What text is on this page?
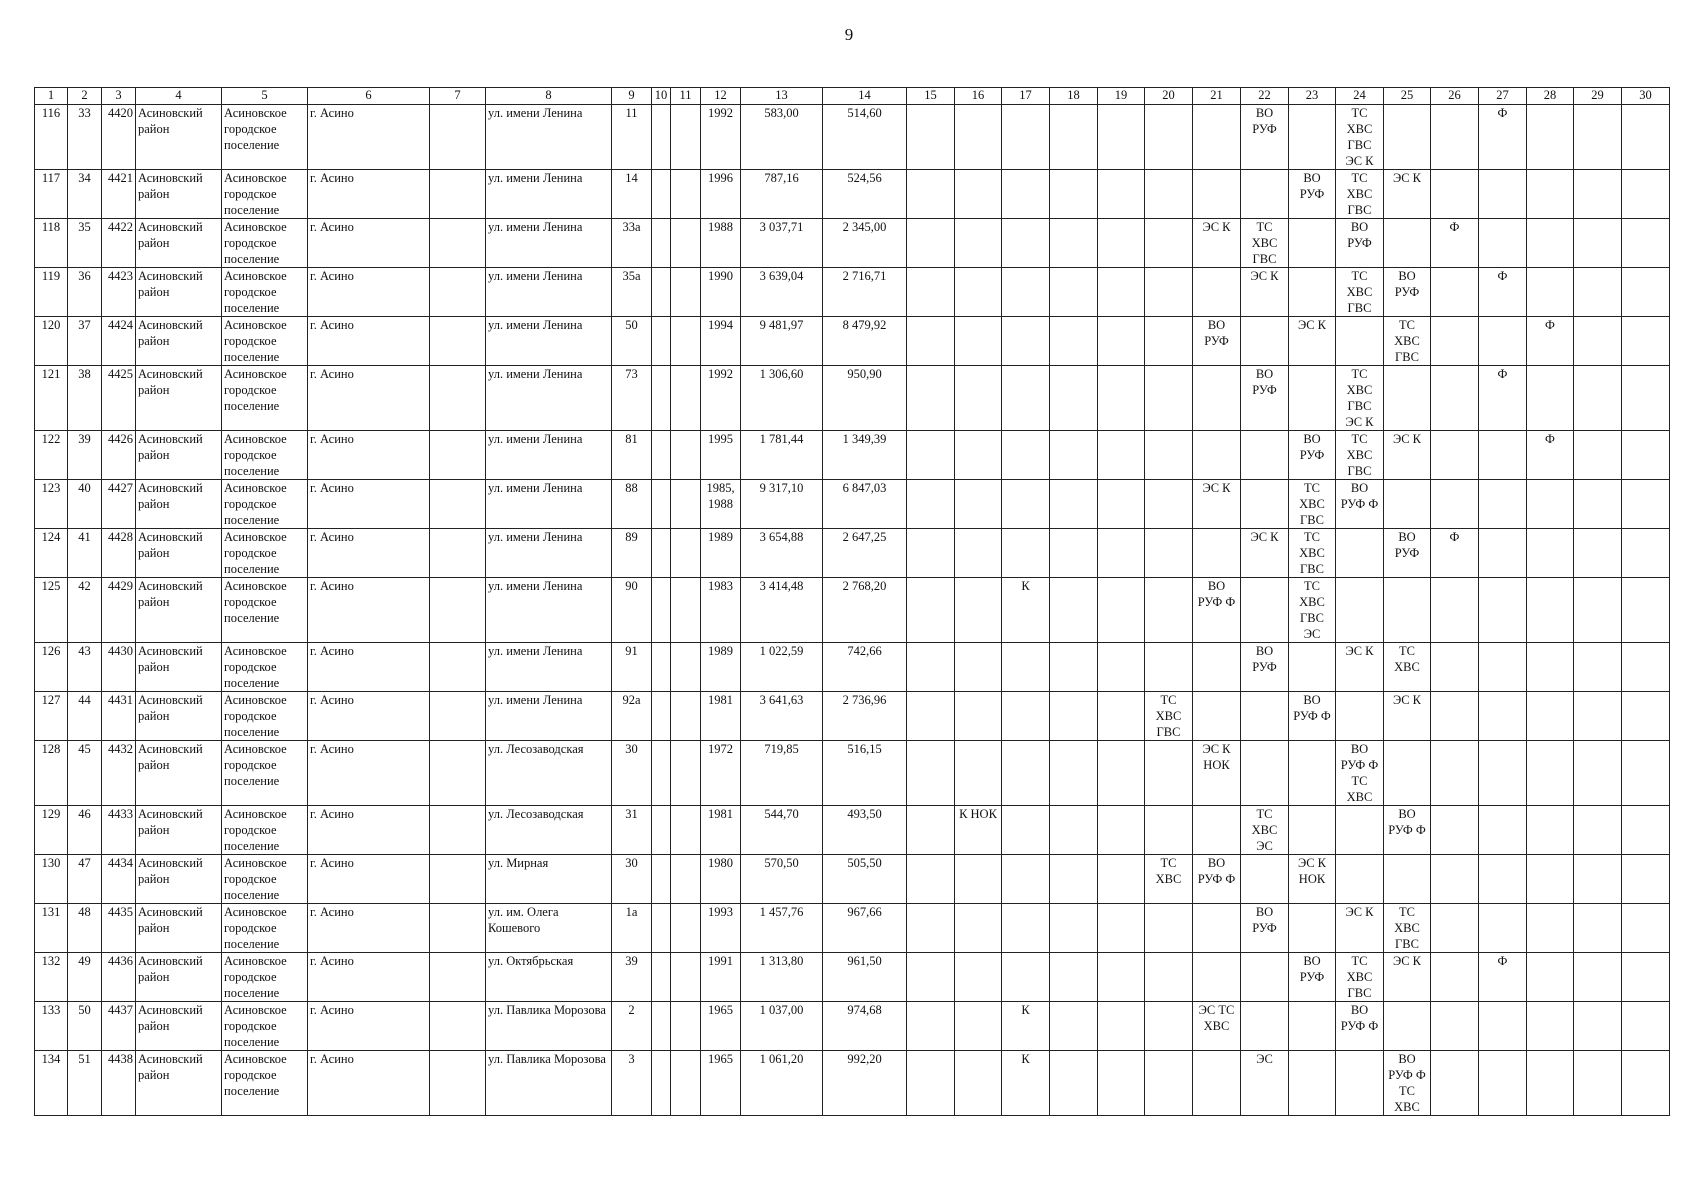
9
1	2	3	4	5	6	7	8	9	10	11	12	13	14	15	16	17	18	19	20	21	22	23	24	25	26	27	28	29	30
116	33	4420	Асиновский район	Асиновское городское поселение	г. Асино		ул. имени Ленина	11			1992	583,00	514,60								ВО
РУФ		ТС
ХВС
ГВС
ЭС К			Ф			
117	34	4421	Асиновский район	Асиновское городское поселение	г. Асино		ул. имени Ленина	14			1996	787,16	524,56									ВО
РУФ	ТС
ХВС
ГВС	ЭС К					
118	35	4422	Асиновский район	Асиновское городское поселение	г. Асино		ул. имени Ленина	33а			1988	3 037,71	2 345,00							ЭС К	ТС
ХВС
ГВС		ВО
РУФ		Ф				
119	36	4423	Асиновский район	Асиновское городское поселение	г. Асино		ул. имени Ленина	35а			1990	3 639,04	2 716,71								ЭС К		ТС
ХВС
ГВС	ВО
РУФ		Ф			
120	37	4424	Асиновский район	Асиновское городское поселение	г. Асино		ул. имени Ленина	50			1994	9 481,97	8 479,92							ВО
РУФ		ЭС К		ТС
ХВС
ГВС			Ф		
121	38	4425	Асиновский район	Асиновское городское поселение	г. Асино		ул. имени Ленина	73			1992	1 306,60	950,90								ВО
РУФ		ТС
ХВС
ГВС
ЭС К			Ф			
122	39	4426	Асиновский район	Асиновское городское поселение	г. Асино		ул. имени Ленина	81			1995	1 781,44	1 349,39									ВО
РУФ	ТС
ХВС
ГВС	ЭС К			Ф		
123	40	4427	Асиновский район	Асиновское городское поселение	г. Асино		ул. имени Ленина	88			1985,
1988	9 317,10	6 847,03							ЭС К		ТС
ХВС
ГВС	ВО
РУФ Ф						
124	41	4428	Асиновский район	Асиновское городское поселение	г. Асино		ул. имени Ленина	89			1989	3 654,88	2 647,25								ЭС К	ТС
ХВС
ГВС		ВО
РУФ	Ф				
125	42	4429	Асиновский район	Асиновское городское поселение	г. Асино		ул. имени Ленина	90			1983	3 414,48	2 768,20			К				ВО
РУФ Ф		ТС
ХВС
ГВС
ЭС							
126	43	4430	Асиновский район	Асиновское городское поселение	г. Асино		ул. имени Ленина	91			1989	1 022,59	742,66								ВО
РУФ		ЭС К	ТС
ХВС					
127	44	4431	Асиновский район	Асиновское городское поселение	г. Асино		ул. имени Ленина	92а			1981	3 641,63	2 736,96						ТС
ХВС
ГВС			ВО
РУФ Ф		ЭС К					
128	45	4432	Асиновский район	Асиновское городское поселение	г. Асино		ул. Лесозаводская	30			1972	719,85	516,15							ЭС К
НОК			ВО
РУФ Ф
ТС
ХВС						
129	46	4433	Асиновский район	Асиновское городское поселение	г. Асино		ул. Лесозаводская	31			1981	544,70	493,50		К НОК						ТС
ХВС
ЭС			ВО
РУФ Ф					
130	47	4434	Асиновский район	Асиновское городское поселение	г. Асино		ул. Мирная	30			1980	570,50	505,50						ТС
ХВС	ВО
РУФ Ф		ЭС К
НОК							
131	48	4435	Асиновский район	Асиновское городское поселение	г. Асино		ул. им. Олега Кошевого	1а			1993	1 457,76	967,66								ВО
РУФ		ЭС К	ТС
ХВС
ГВС					
132	49	4436	Асиновский район	Асиновское городское поселение	г. Асино		ул. Октябрьская	39			1991	1 313,80	961,50									ВО
РУФ	ТС
ХВС
ГВС	ЭС К		Ф			
133	50	4437	Асиновский район	Асиновское городское поселение	г. Асино		ул. Павлика Морозова	2			1965	1 037,00	974,68			К				ЭС ТС
ХВС			ВО
РУФ Ф						
134	51	4438	Асиновский район	Асиновское городское поселение	г. Асино		ул. Павлика Морозова	3			1965	1 061,20	992,20			К					ЭС			ВО
РУФ Ф
ТС
ХВС					
